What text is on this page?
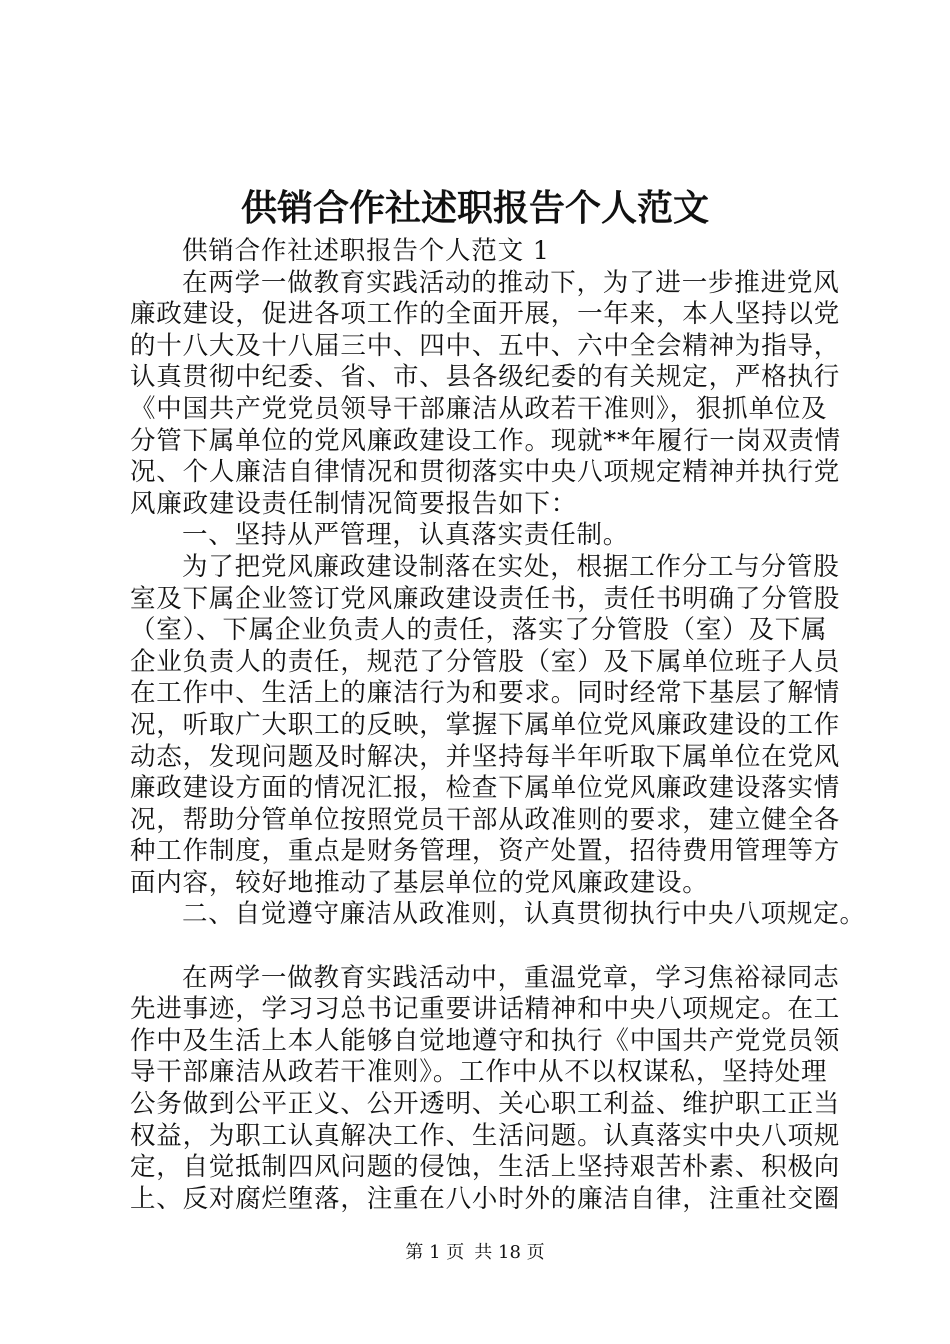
供销合作社述职报告个人范文
供销合作社述职报告个人范文 1
在两学一做教育实践活动的推动下，为了进一步推进党风
廉政建设，促进各项工作的全面开展，一年来，本人坚持以党
的十八大及十八届三中、四中、五中、六中全会精神为指导，
认真贯彻中纪委、省、市、县各级纪委的有关规定，严格执行
《中国共产党党员领导干部廉洁从政若干准则》，狠抓单位及
分管下属单位的党风廉政建设工作。现就**年履行一岗双责情
况、个人廉洁自律情况和贯彻落实中央八项规定精神并执行党
风廉政建设责任制情况简要报告如下：
一、坚持从严管理，认真落实责任制。
为了把党风廉政建设制落在实处，根据工作分工与分管股
室及下属企业签订党风廉政建设责任书，责任书明确了分管股
（室）、下属企业负责人的责任，落实了分管股（室）及下属
企业负责人的责任，规范了分管股（室）及下属单位班子人员
在工作中、生活上的廉洁行为和要求。同时经常下基层了解情
况，听取广大职工的反映，掌握下属单位党风廉政建设的工作
动态，发现问题及时解决，并坚持每半年听取下属单位在党风
廉政建设方面的情况汇报，检查下属单位党风廉政建设落实情
况，帮助分管单位按照党员干部从政准则的要求，建立健全各
种工作制度，重点是财务管理，资产处置，招待费用管理等方
面内容，较好地推动了基层单位的党风廉政建设。
二、自觉遵守廉洁从政准则，认真贯彻执行中央八项规定。
在两学一做教育实践活动中，重温党章，学习焦裕禄同志
先进事迹，学习习总书记重要讲话精神和中央八项规定。在工
作中及生活上本人能够自觉地遵守和执行《中国共产党党员领
导干部廉洁从政若干准则》。工作中从不以权谋私，坚持处理
公务做到公平正义、公开透明、关心职工利益、维护职工正当
权益，为职工认真解决工作、生活问题。认真落实中央八项规
定，自觉抵制四风问题的侵蚀，生活上坚持艰苦朴素、积极向
上、反对腐烂堕落，注重在八小时外的廉洁自律，注重社交圈
第 1 页 共 18 页
